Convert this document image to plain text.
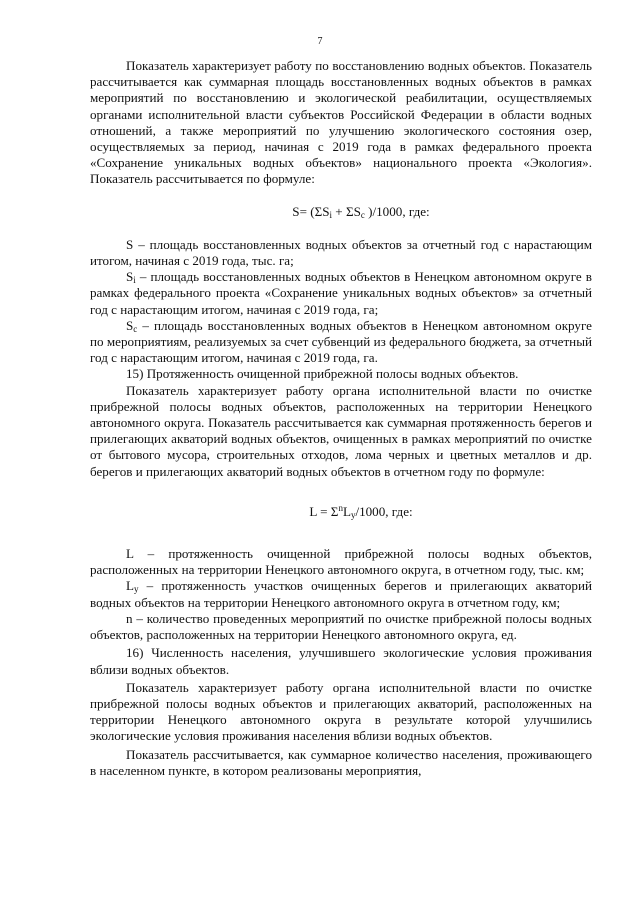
7

Показатель характеризует работу по восстановлению водных объектов. Показатель рассчитывается как суммарная площадь восстановленных водных объектов в рамках мероприятий по восстановлению и экологической реабилитации, осуществляемых органами исполнительной власти субъектов Российской Федерации в области водных отношений, а также мероприятий по улучшению экологического состояния озер, осуществляемых за период, начиная с 2019 года в рамках федерального проекта «Сохранение уникальных водных объектов» национального проекта «Экология». Показатель рассчитывается по формуле:

$S= (\Sigma S_i + \Sigma S_c$ )/1000, где:

S – площадь восстановленных водных объектов за отчетный год с нарастающим итогом, начиная с 2019 года, тыс. га;

$S_i$ – площадь восстановленных водных объектов в Ненецком автономном округе в рамках федерального проекта «Сохранение уникальных водных объектов» за отчетный год с нарастающим итогом, начиная с 2019 года, га;

$S_c$ – площадь восстановленных водных объектов в Ненецком автономном округе по мероприятиям, реализуемых за счет субвенций из федерального бюджета, за отчетный год с нарастающим итогом, начиная с 2019 года, га.

15) Протяженность очищенной прибрежной полосы водных объектов.

Показатель характеризует работу органа исполнительной власти по очистке прибрежной полосы водных объектов, расположенных на территории Ненецкого автономного округа. Показатель рассчитывается как суммарная протяженность берегов и прилегающих акваторий водных объектов, очищенных в рамках мероприятий по очистке от бытового мусора, строительных отходов, лома черных и цветных металлов и др. берегов и прилегающих акваторий водных объектов в отчетном году по формуле:

$L = \Sigma^nL_y/1000$, где:

L – протяженность очищенной прибрежной полосы водных объектов, расположенных на территории Ненецкого автономного округа, в отчетном году, тыс. км;

$L_y$ – протяженность участков очищенных берегов и прилегающих акваторий водных объектов на территории Ненецкого автономного округа в отчетном году, км;

n – количество проведенных мероприятий по очистке прибрежной полосы водных объектов, расположенных на территории Ненецкого автономного округа, ед.

16) Численность населения, улучшившего экологические условия проживания вблизи водных объектов.

Показатель характеризует работу органа исполнительной власти по очистке прибрежной полосы водных объектов и прилегающих акваторий, расположенных на территории Ненецкого автономного округа в результате которой улучшились экологические условия проживания населения вблизи водных объектов.

Показатель рассчитывается, как суммарное количество населения, проживающего в населенном пункте, в котором реализованы мероприятия,
